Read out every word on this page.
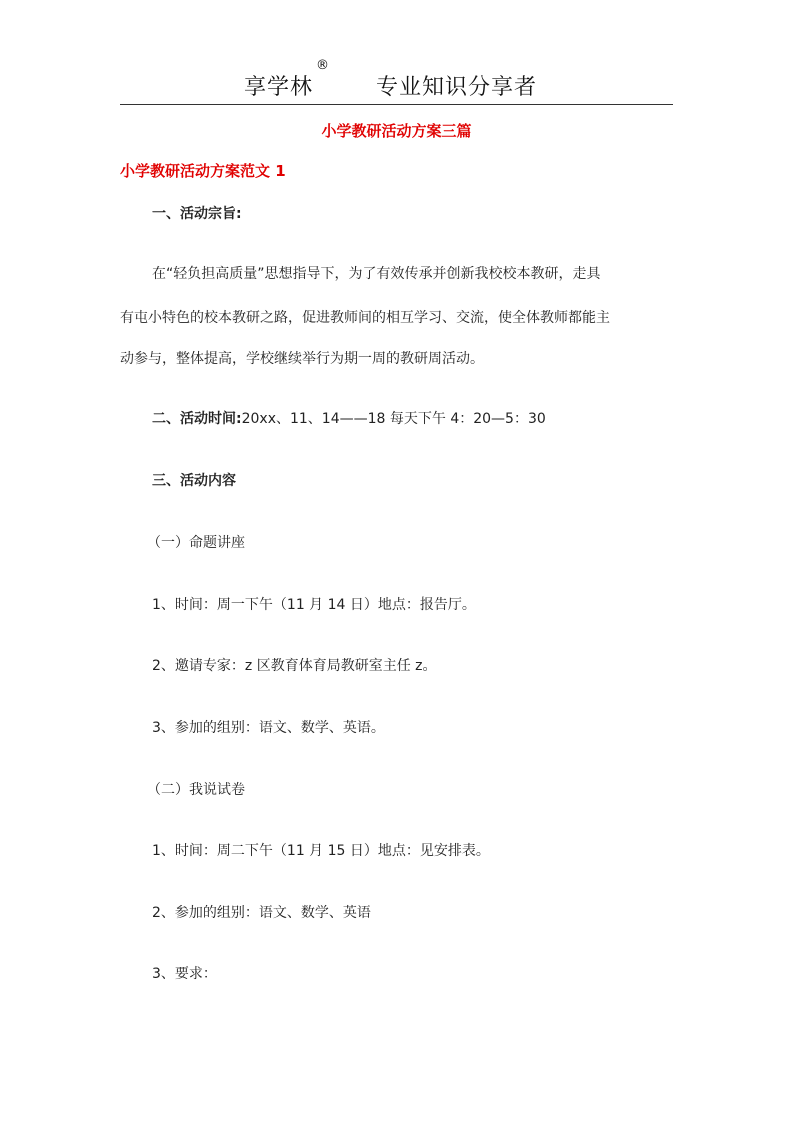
享学林
®
专业知识分享者
小学教研活动方案三篇
小学教研活动方案范文 1
一、活动宗旨:
在“轻负担高质量”思想指导下，为了有效传承并创新我校校本教研，走具
有屯小特色的校本教研之路，促进教师间的相互学习、交流，使全体教师都能主
动参与，整体提高，学校继续举行为期一周的教研周活动。
二、活动时间:20xx、11、14——18 每天下午 4：20—5：30
三、活动内容
（一）命题讲座
1、时间：周一下午（11 月 14 日）地点：报告厅。
2、邀请专家：z 区教育体育局教研室主任 z。
3、参加的组别：语文、数学、英语。
（二）我说试卷
1、时间：周二下午（11 月 15 日）地点：见安排表。
2、参加的组别：语文、数学、英语
3、要求：
